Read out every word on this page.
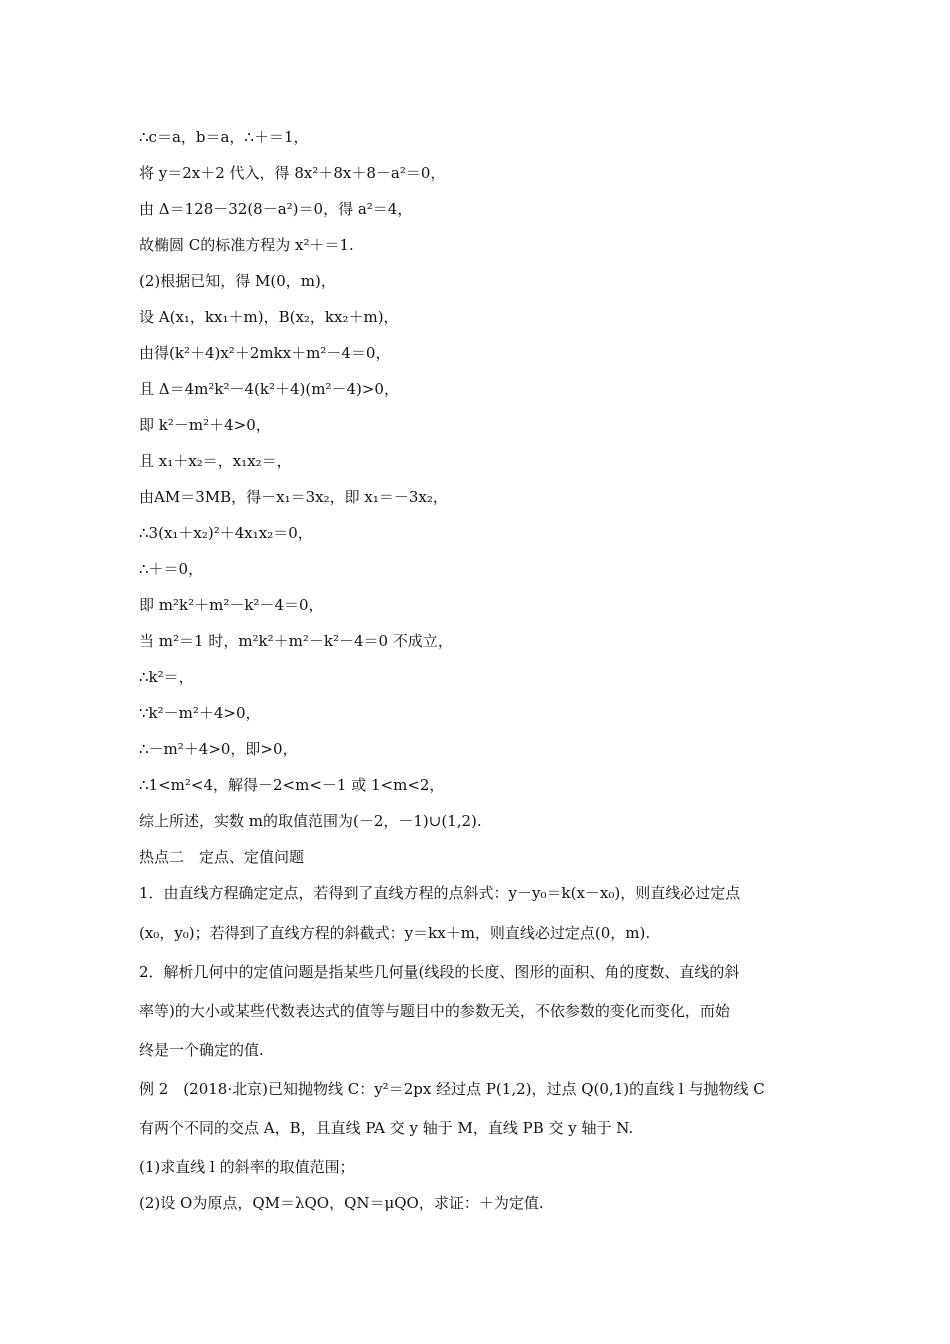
∴c＝a，b＝a，∴＋＝1，
将 y＝2x＋2 代入，得 8x²＋8x＋8－a²＝0，
由 Δ＝128－32(8－a²)＝0，得 a²＝4，
故椭圆 C的标准方程为 x²＋＝1.
(2)根据已知，得 M(0，m)，
设 A(x₁，kx₁＋m)，B(x₂，kx₂＋m)，
由得(k²＋4)x²＋2mkx＋m²－4＝0，
且 Δ＝4m²k²－4(k²＋4)(m²－4)>0，
即 k²－m²＋4>0，
且 x₁＋x₂＝，x₁x₂＝，
由AM＝3MB，得－x₁＝3x₂，即 x₁＝－3x₂，
∴3(x₁＋x₂)²＋4x₁x₂＝0，
∴＋＝0，
即 m²k²＋m²－k²－4＝0，
当 m²＝1 时，m²k²＋m²－k²－4＝0 不成立，
∴k²＝，
∵k²－m²＋4>0，
∴－m²＋4>0，即>0，
∴1<m²<4，解得－2<m<－1 或 1<m<2，
综上所述，实数 m的取值范围为(－2，－1)∪(1,2).
热点二　定点、定值问题
1．由直线方程确定定点，若得到了直线方程的点斜式：y－y₀＝k(x－x₀)，则直线必过定点
(x₀，y₀)；若得到了直线方程的斜截式：y＝kx＋m，则直线必过定点(0，m).
2．解析几何中的定值问题是指某些几何量(线段的长度、图形的面积、角的度数、直线的斜
率等)的大小或某些代数表达式的值等与题目中的参数无关，不依参数的变化而变化，而始
终是一个确定的值.
例 2　(2018·北京)已知抛物线 C：y²＝2px 经过点 P(1,2)，过点 Q(0,1)的直线 l 与抛物线 C
有两个不同的交点 A，B，且直线 PA 交 y 轴于 M，直线 PB 交 y 轴于 N.
(1)求直线 l 的斜率的取值范围；
(2)设 O为原点，QM＝λQO，QN＝μQO，求证：＋为定值.
